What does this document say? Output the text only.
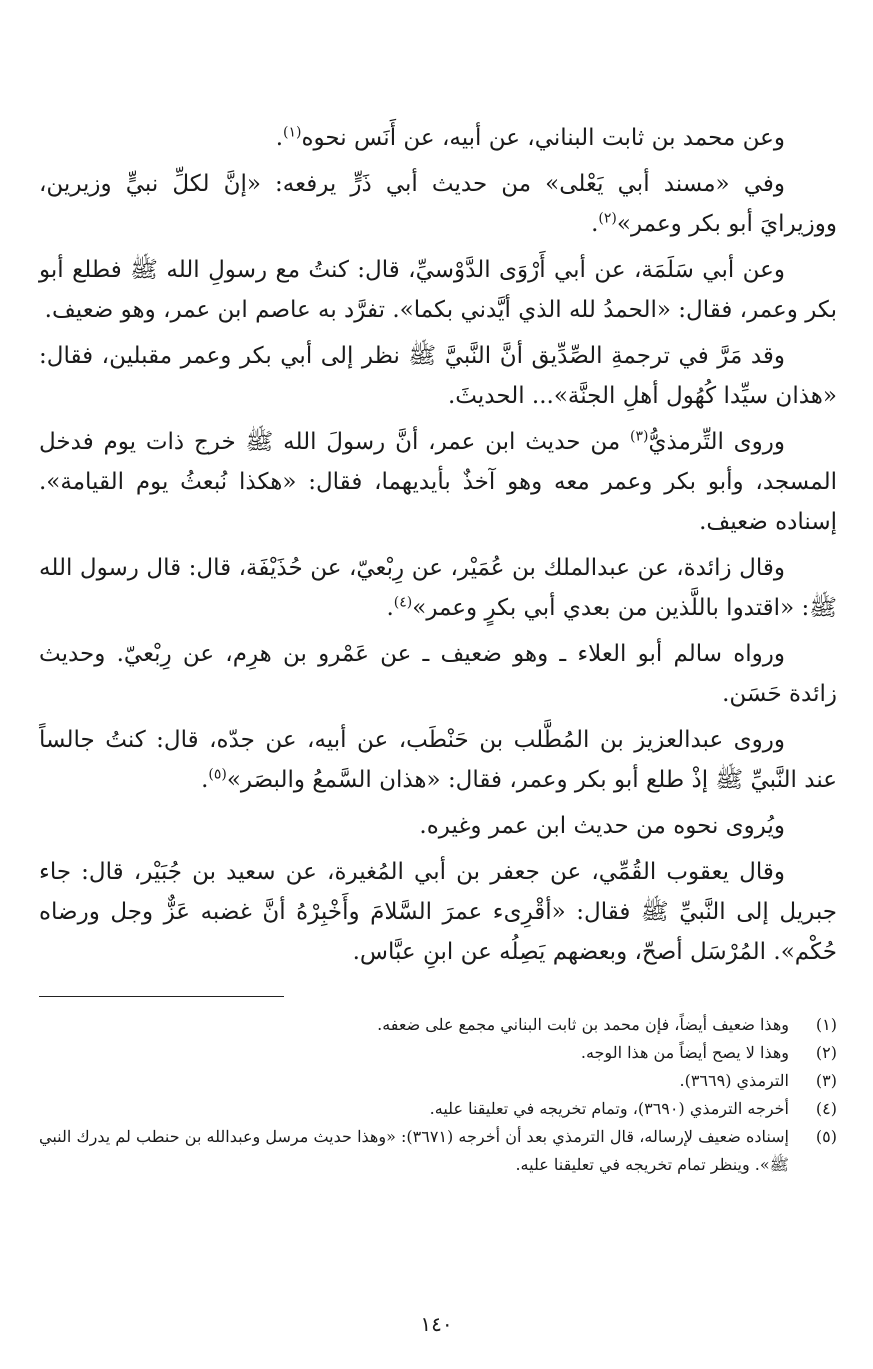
وعن محمد بن ثابت البناني، عن أبيه، عن أَنَس نحوه$^{(١)}$.

وفي «مسند أبي يَعْلى» من حديث أبي ذَرٍّ يرفعه: «إنَّ لكلِّ نبيٍّ وزيرين، ووزيرايَ أبو بكر وعمر»$^{(٢)}$.

وعن أبي سَلَمَة، عن أبي أَرْوَى الدَّوْسيِّ، قال: كنتُ مع رسولِ الله ﷺ فطلع أبو بكر وعمر، فقال: «الحمدُ لله الذي أيَّدني بكما». تفرَّد به عاصم ابن عمر، وهو ضعيف.

وقد مَرَّ في ترجمةِ الصِّدِّيق أنَّ النَّبيَّ ﷺ نظر إلى أبي بكر وعمر مقبلين، فقال: «هذان سيِّدا كُهُول أهلِ الجنَّة»... الحديثَ.

وروى التِّرمذيُّ$^{(٣)}$ من حديث ابن عمر، أنَّ رسولَ الله ﷺ خرج ذات يوم فدخل المسجد، وأبو بكر وعمر معه وهو آخذٌ بأيديهما، فقال: «هكذا نُبعثُ يوم القيامة». إسناده ضعيف.

وقال زائدة، عن عبدالملك بن عُمَيْر، عن رِبْعيّ، عن حُذَيْفَة، قال: قال رسول الله ﷺ: «اقتدوا باللَّذين من بعدي أبي بكرٍ وعمر»$^{(٤)}$.

ورواه سالم أبو العلاء ـ وهو ضعيف ـ عن عَمْرو بن هرِم، عن رِبْعيّ. وحديث زائدة حَسَن.

وروى عبدالعزيز بن المُطَّلب بن حَنْطَب، عن أبيه، عن جدّه، قال: كنتُ جالساً عند النَّبيِّ ﷺ إذْ طلع أبو بكر وعمر، فقال: «هذان السَّمعُ والبصَر»$^{(٥)}$.

ويُروى نحوه من حديث ابن عمر وغيره.

وقال يعقوب القُمِّي، عن جعفر بن أبي المُغيرة، عن سعيد بن جُبَيْر، قال: جاء جبريل إلى النَّبيِّ ﷺ فقال: «أقْرِىء عمرَ السَّلامَ وأَخْبِرْهُ أنَّ غضبه عَزٌّ وجل ورضاه حُكْم». المُرْسَل أصحّ، وبعضهم يَصِلُه عن ابنِ عبَّاس.

(١)
وهذا ضعيف أيضاً، فإن محمد بن ثابت البناني مجمع على ضعفه.
(٢)
وهذا لا يصح أيضاً من هذا الوجه.
(٣)
الترمذي (٣٦٦٩).
(٤)
أخرجه الترمذي (٣٦٩٠)، وتمام تخريجه في تعليقنا عليه.
(٥)
إسناده ضعيف لإرساله، قال الترمذي بعد أن أخرجه (٣٦٧١): «وهذا حديث مرسل وعبدالله بن حنطب لم يدرك النبي ﷺ». وينظر تمام تخريجه في تعليقنا عليه.
١٤٠
